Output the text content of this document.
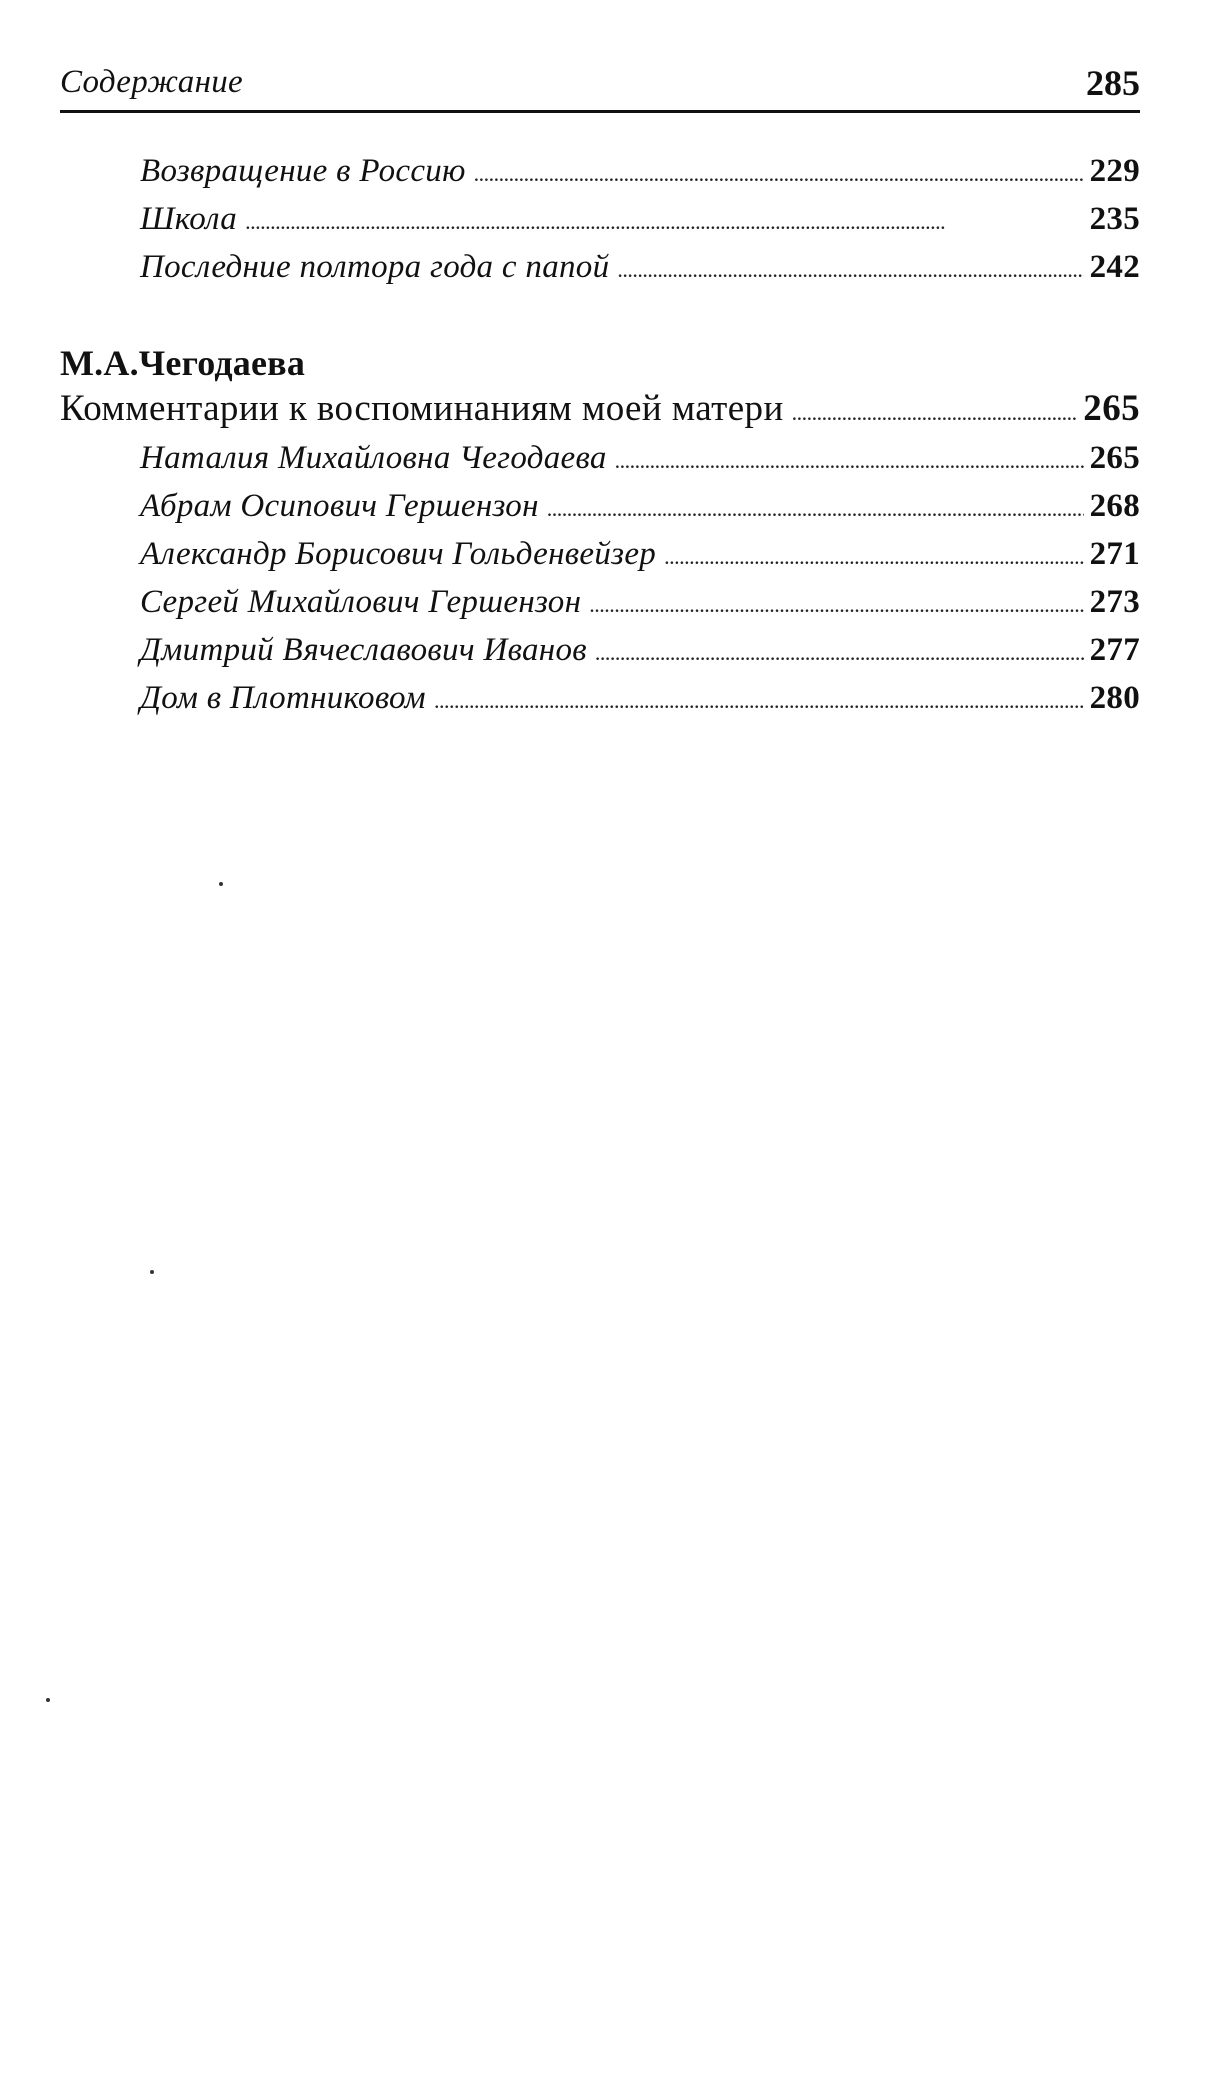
Содержание	285
Возвращение в Россию . . .	229
Школа . . .	235
Последние полтора года с папой . . .	242
М.А.Чегодаева
Комментарии к воспоминаниям моей матери . . .	265
Наталия Михайловна Чегодаева . . .	265
Абрам Осипович Гершензон . . .	268
Александр Борисович Гольденвейзер . . .	271
Сергей Михайлович Гершензон . . .	273
Дмитрий Вячеславович Иванов . . .	277
Дом в Плотниковом . . .	280
